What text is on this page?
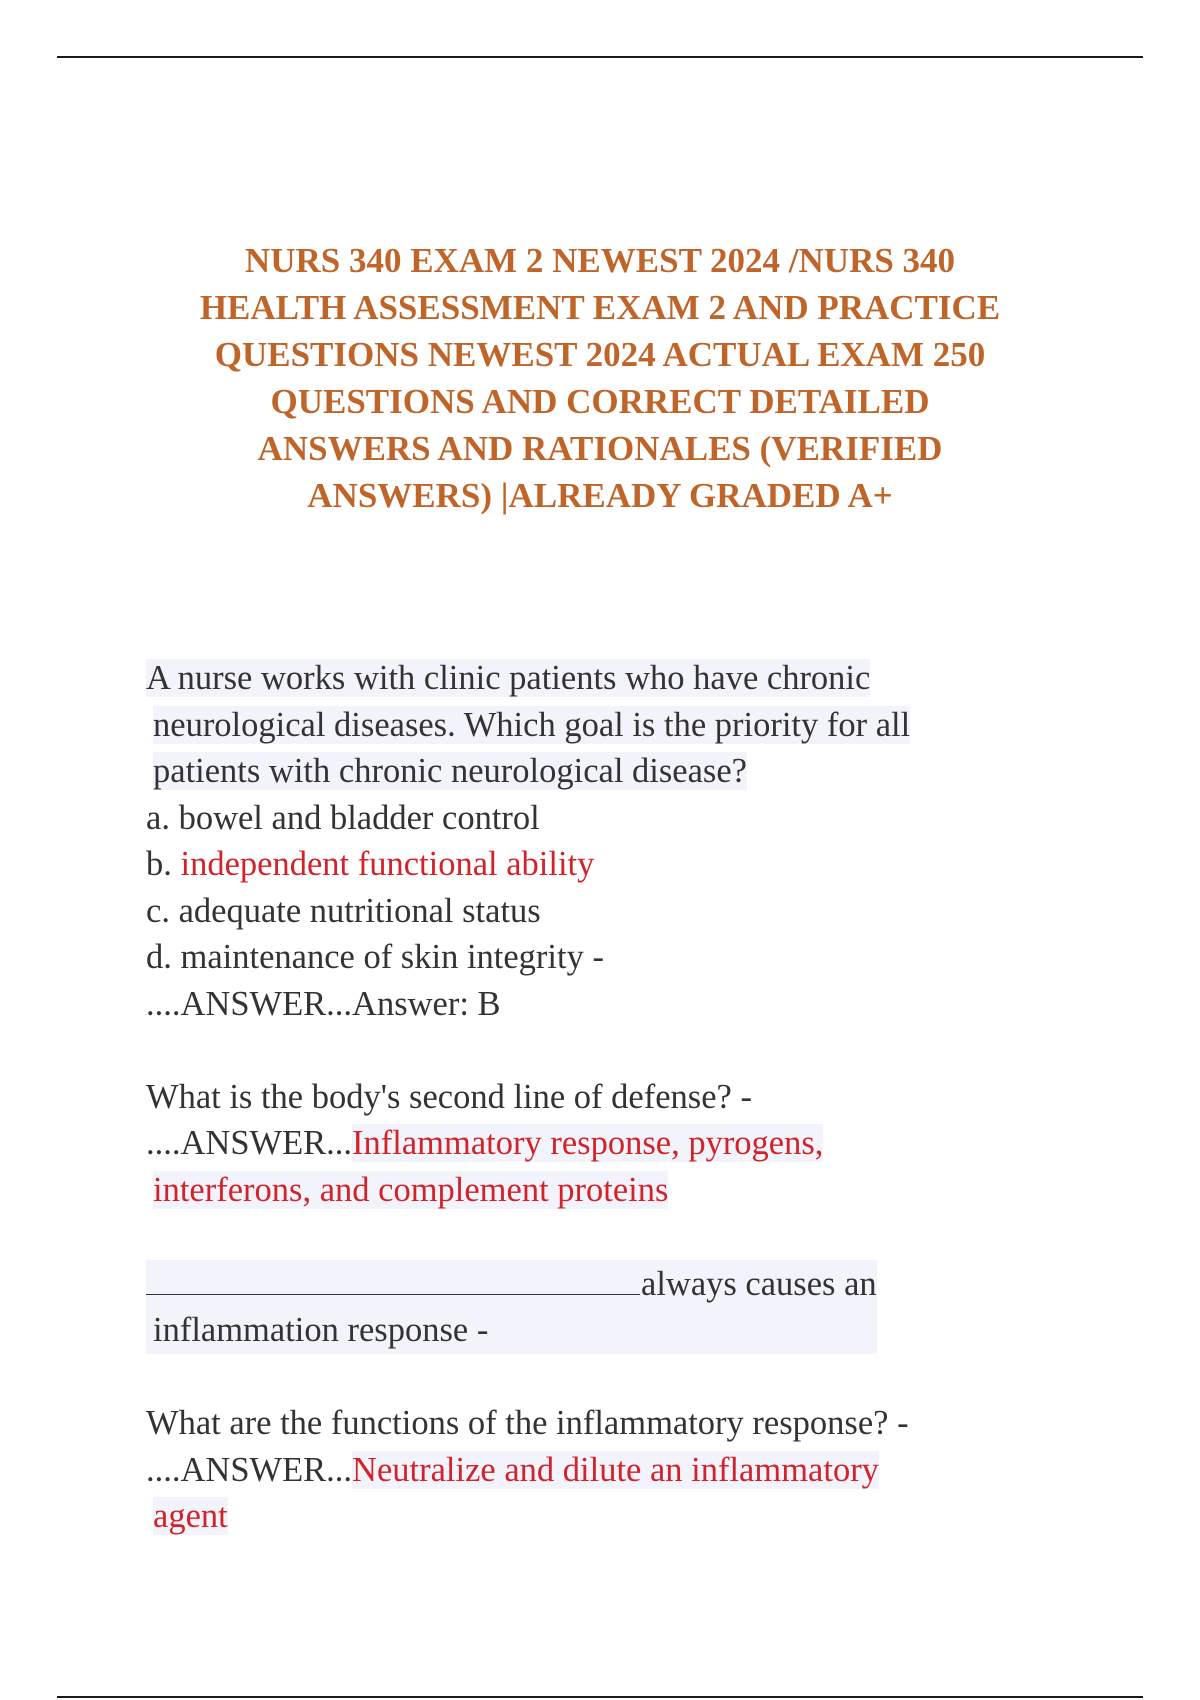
NURS 340 EXAM 2 NEWEST 2024 /NURS 340
HEALTH ASSESSMENT EXAM 2 AND PRACTICE
QUESTIONS NEWEST 2024 ACTUAL EXAM 250
QUESTIONS AND CORRECT DETAILED
ANSWERS AND RATIONALES (VERIFIED
ANSWERS) |ALREADY GRADED A+
A nurse works with clinic patients who have chronic
neurological diseases. Which goal is the priority for all
patients with chronic neurological disease?
a. bowel and bladder control
b. independent functional ability
c. adequate nutritional status
d. maintenance of skin integrity -
....ANSWER...Answer: B
What is the body's second line of defense? -
....ANSWER...Inflammatory response, pyrogens,
interferons, and complement proteins
always causes an
inflammation response -
What are the functions of the inflammatory response? -
....ANSWER...Neutralize and dilute an inflammatory
agent
